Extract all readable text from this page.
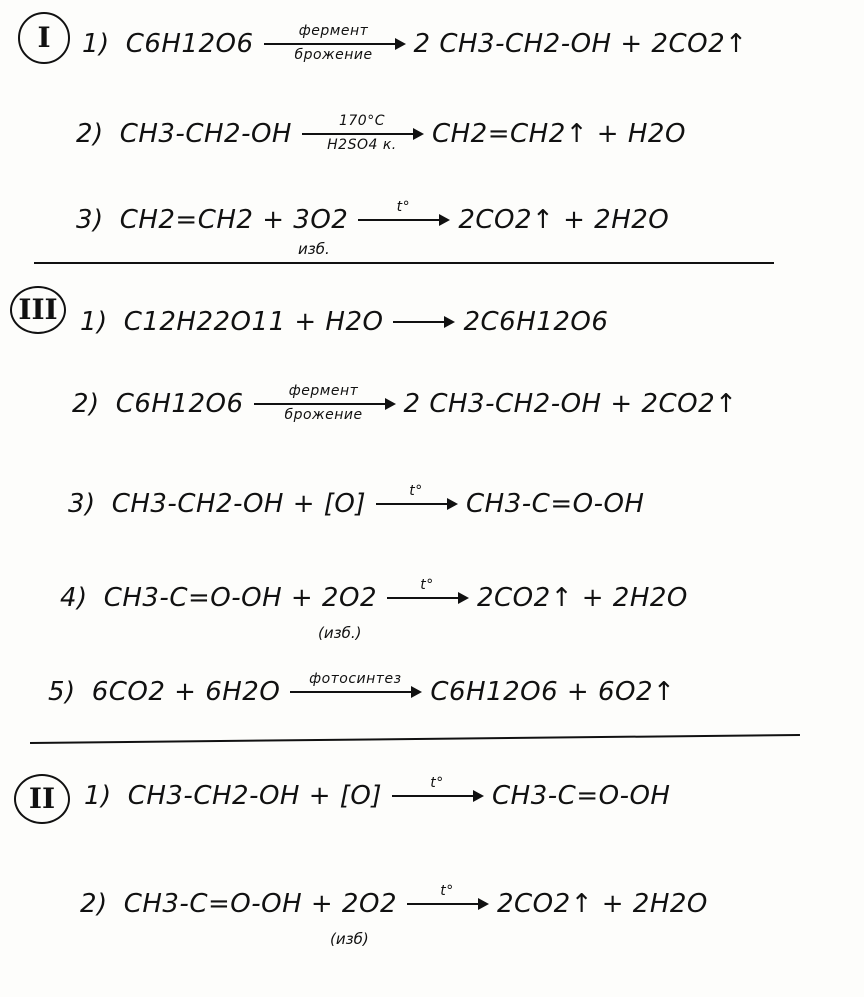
I 1) C6H12O6	фермент
брожение 2 CH3-CH2-OH + 2CO2↑
2) CH3-CH2-OH	170°C
H2SO4 к. CH2=CH2↑ + H2O
3) CH2=CH2 + 3O2	t° 2CO2↑ + 2H2O
изб.
III 1) C12H22O11 + H2O → 2C6H12O6
2) C6H12O6	фермент
брожение 2 CH3-CH2-OH + 2CO2↑
3) CH3-CH2-OH + [O]	t° CH3-C=O-OH
4) CH3-C=O-OH + 2O2	t° 2CO2↑ + 2H2O
(изб.)
5) 6CO2 + 6H2O фотосинтез C6H12O6 + 6O2↑
II 1) CH3-CH2-OH + [O]	t° CH3-C=O-OH
2) CH3-C=O-OH + 2O2	t° 2CO2↑ + 2H2O
(изб)
